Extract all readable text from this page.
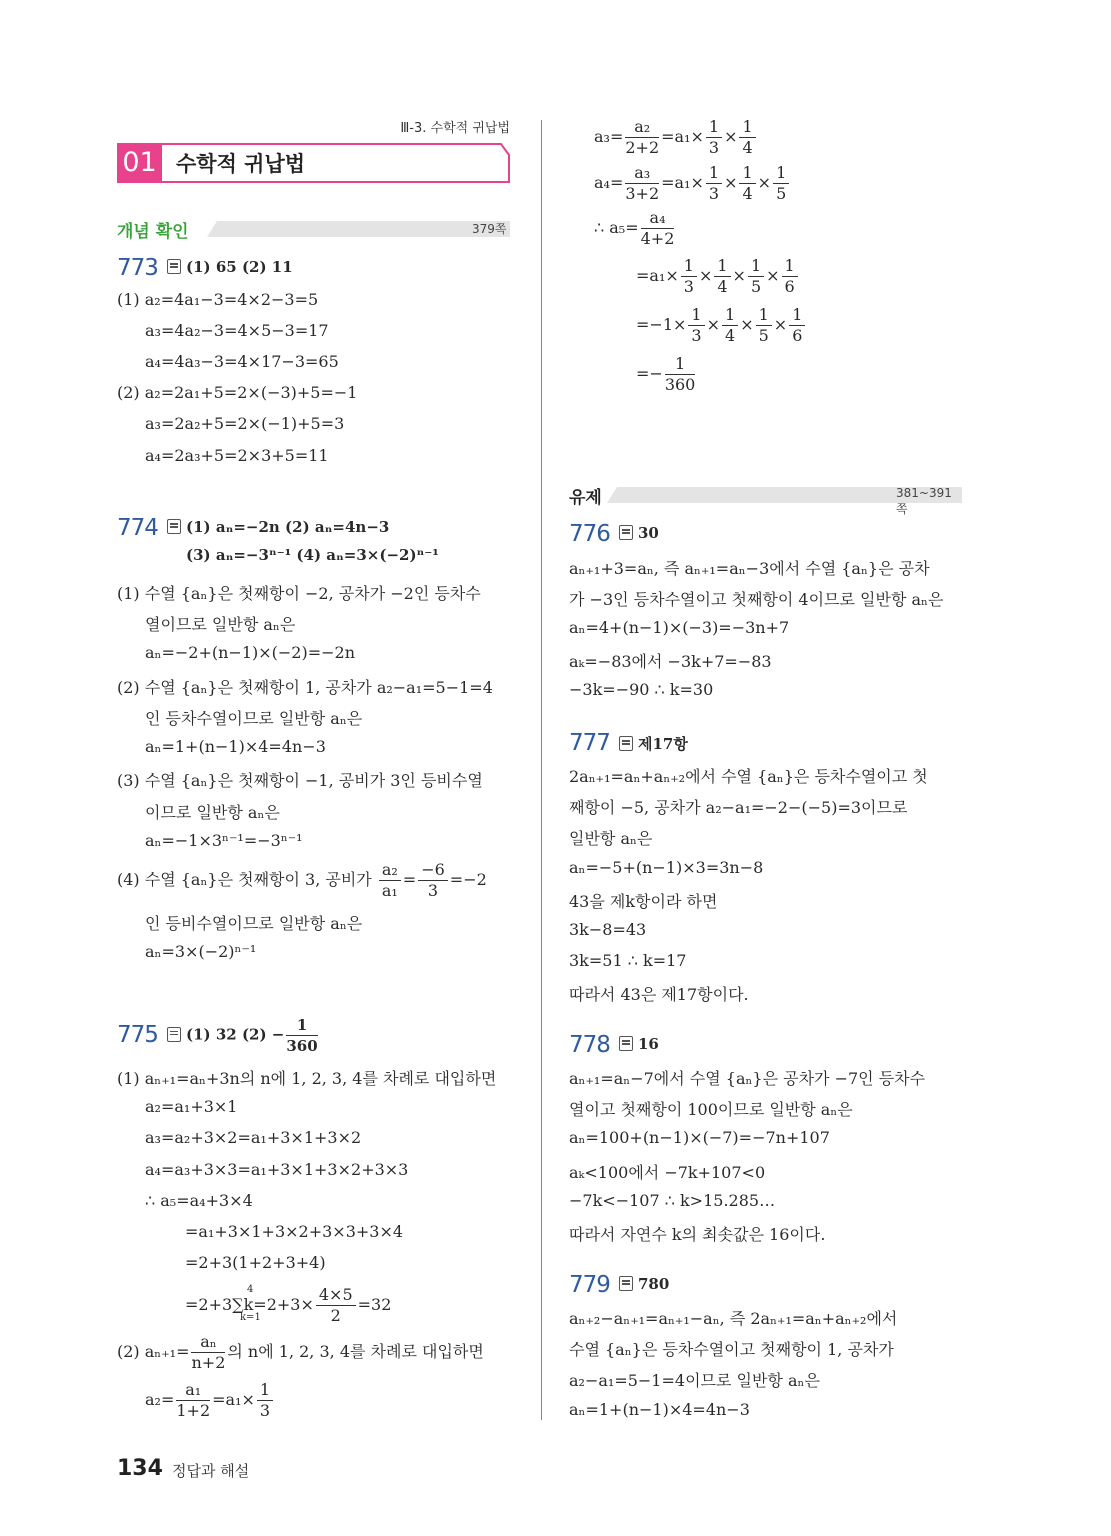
Ⅲ-3. 수학적 귀납법
01 수학적 귀납법
개념 확인	379쪽
773	(1) 65 (2) 11
(1) a₂=4a₁−3=4×2−3=5
a₃=4a₂−3=4×5−3=17
a₄=4a₃−3=4×17−3=65
(2) a₂=2a₁+5=2×(−3)+5=−1
a₃=2a₂+5=2×(−1)+5=3
a₄=2a₃+5=2×3+5=11
774	(1) aₙ=−2n (2) aₙ=4n−3
(3) aₙ=−3ⁿ⁻¹ (4) aₙ=3×(−2)ⁿ⁻¹
(1) 수열 {aₙ}은 첫째항이 −2, 공차가 −2인 등차수
열이므로 일반항 aₙ은
aₙ=−2+(n−1)×(−2)=−2n
(2) 수열 {aₙ}은 첫째항이 1, 공차가 a₂−a₁=5−1=4
인 등차수열이므로 일반항 aₙ은
aₙ=1+(n−1)×4=4n−3
(3) 수열 {aₙ}은 첫째항이 −1, 공비가 3인 등비수열
이므로 일반항 aₙ은
aₙ=−1×3ⁿ⁻¹=−3ⁿ⁻¹
(4) 수열 {aₙ}은 첫째항이 3, 공비가 $\frac{\text{a₂}}{\text{a₁}} = \frac{-6}{3} =-2$
인 등비수열이므로 일반항 aₙ은
aₙ=3×(−2)ⁿ⁻¹
775	(1) 32 $(2) - \frac{1}{360}$
(1) aₙ₊₁=aₙ+3n의 n에 1, 2, 3, 4를 차례로 대입하면
a₂=a₁+3×1
a₃=a₂+3×2=a₁+3×1+3×2
a₄=a₃+3×3=a₁+3×1+3×2+3×3
∴ a₅=a₄+3×4
=a₁+3×1+3×2+3×3+3×4
=2+3(1+2+3+4)
$=2+3\sum k=2+3\times \frac{4\times 5}{2} =32$
4
k=1
(2) $a_{n+1}= \frac{\text{aₙ}}{n+2}$ 의 n에 1, 2, 3, 4를 차례로 대입하면
$a_2= \frac{\text{a₁}}{1+2} =a_1\times \frac{1}{3}$
$a_3= \frac{\text{a₂}}{2+2} =a_1\times \frac{1}{3} \times \frac{1}{4}$
$a_4= \frac{\text{a₃}}{3+2} =a_1\times \frac{1}{3} \times \frac{1}{4} \times \frac{1}{5}$
∴ $a_5= \frac{\text{a₄}}{4+2}$
$=a_1\times \frac{1}{3} \times \frac{1}{4} \times \frac{1}{5} \times \frac{1}{6}$
$=-1\times \frac{1}{3} \times \frac{1}{4} \times \frac{1}{5} \times \frac{1}{6}$
=− $\frac{1}{360}$
유제	381~391쪽
776	30
aₙ₊₁+3=aₙ, 즉 aₙ₊₁=aₙ−3에서 수열 {aₙ}은 공차
가 −3인 등차수열이고 첫째항이 4이므로 일반항 aₙ은
aₙ=4+(n−1)×(−3)=−3n+7
aₖ=−83에서 −3k+7=−83
−3k=−90 ∴ k=30
777	제17항
2aₙ₊₁=aₙ+aₙ₊₂에서 수열 {aₙ}은 등차수열이고 첫
째항이 −5, 공차가 a₂−a₁=−2−(−5)=3이므로
일반항 aₙ은
aₙ=−5+(n−1)×3=3n−8
43을 제k항이라 하면
3k−8=43
3k=51 ∴ k=17
따라서 43은 제17항이다.
778	16
aₙ₊₁=aₙ−7에서 수열 {aₙ}은 공차가 −7인 등차수
열이고 첫째항이 100이므로 일반항 aₙ은
aₙ=100+(n−1)×(−7)=−7n+107
aₖ<100에서 −7k+107<0
−7k<−107 ∴ k>15.285…
따라서 자연수 k의 최솟값은 16이다.
779	780
aₙ₊₂−aₙ₊₁=aₙ₊₁−aₙ, 즉 2aₙ₊₁=aₙ+aₙ₊₂에서
수열 {aₙ}은 등차수열이고 첫째항이 1, 공차가
a₂−a₁=5−1=4이므로 일반항 aₙ은
aₙ=1+(n−1)×4=4n−3
134 정답과 해설
